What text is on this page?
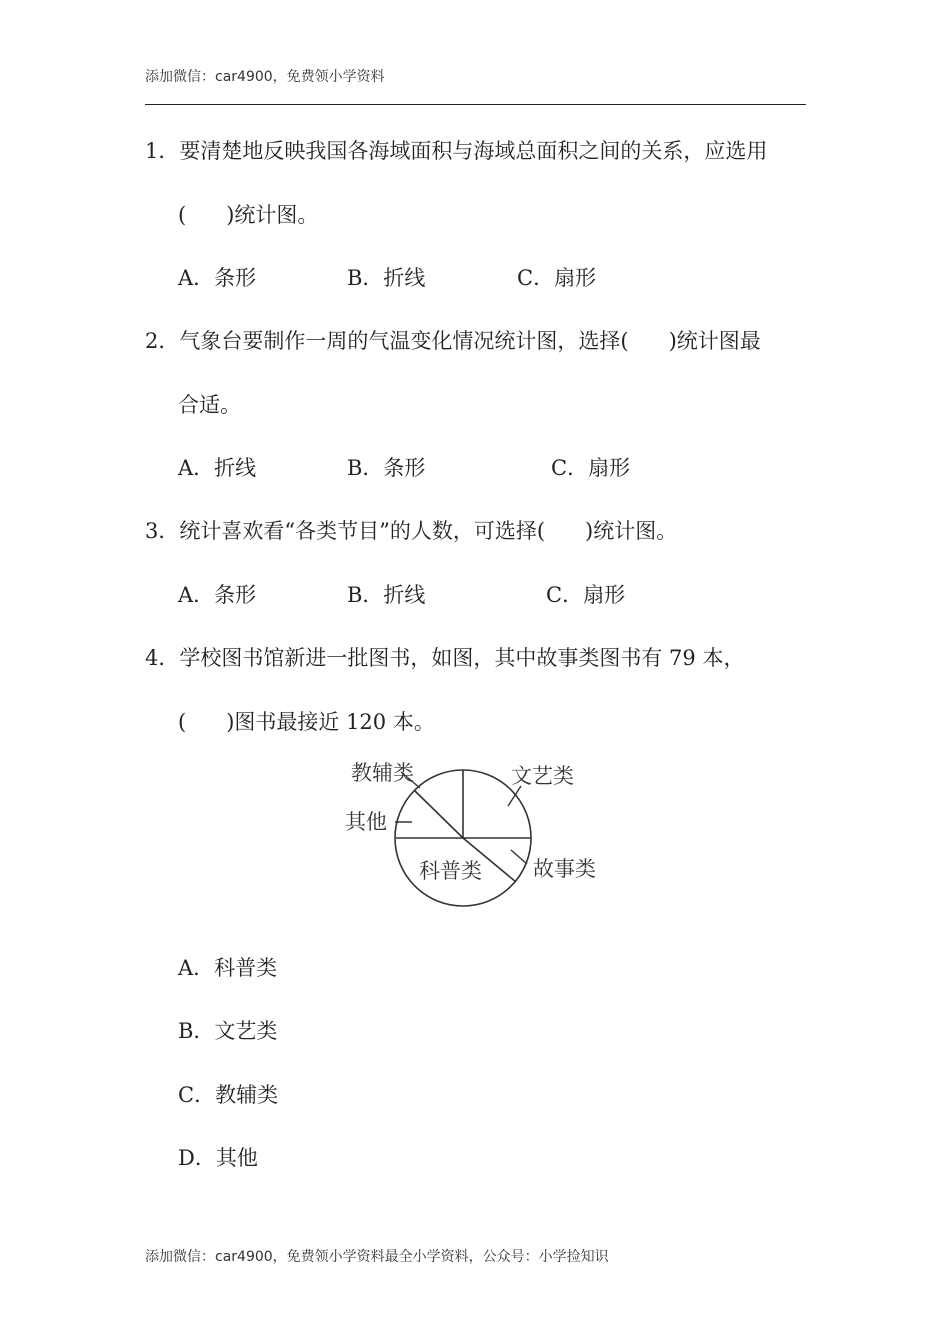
添加微信：car4900，免费领小学资料
1．要清楚地反映我国各海域面积与海域总面积之间的关系，应选用
( )统计图。
A．条形	B．折线	C．扇形
2．气象台要制作一周的气温变化情况统计图，选择( )统计图最
合适。
A．折线	B．条形	C．扇形
3．统计喜欢看“各类节目”的人数，可选择( )统计图。
A．条形	B．折线	C．扇形
4．学校图书馆新进一批图书，如图，其中故事类图书有 79 本，
( )图书最接近 120 本。
教辅类	文艺类
其他
科普类 故事类
A．科普类
B．文艺类
C．教辅类
D．其他
添加微信：car4900，免费领小学资料最全小学资料，公众号：小学捡知识
